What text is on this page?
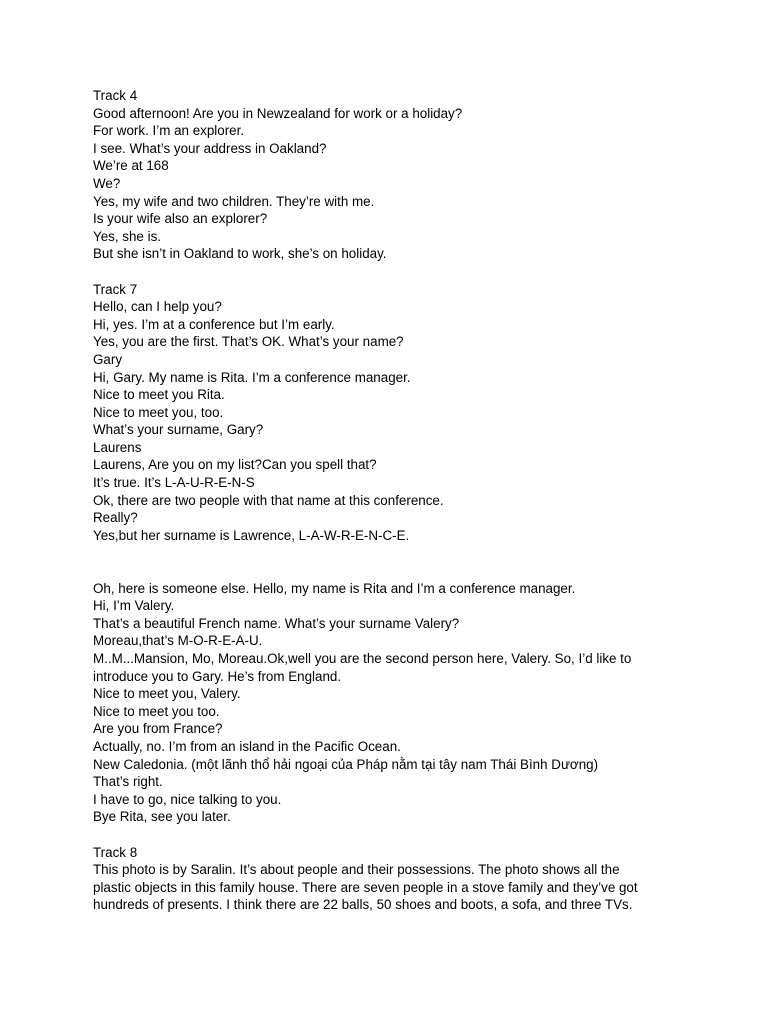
Track 4
Good afternoon! Are you in Newzealand for work or a holiday?
For work. I’m an explorer.
I see. What’s your address in Oakland?
We’re at 168
We?
Yes, my wife and two children. They’re with me.
Is your wife also an explorer?
Yes, she is.
But she isn’t in Oakland to work, she’s on holiday.
Track 7
Hello, can I help you?
Hi, yes. I’m at a conference but I’m early.
Yes, you are the first. That’s OK. What’s your name?
Gary
Hi, Gary. My name is Rita. I’m a conference manager.
Nice to meet you Rita.
Nice to meet you, too.
What’s your surname, Gary?
Laurens
Laurens, Are you on my list?Can you spell that?
It’s true. It’s L-A-U-R-E-N-S
Ok, there are two people with that name at this conference.
Really?
Yes,but her surname is Lawrence, L-A-W-R-E-N-C-E.
Oh, here is someone else. Hello, my name is Rita and I’m a conference manager.
Hi, I’m Valery.
That’s a beautiful French name. What’s your surname Valery?
Moreau,that’s M-O-R-E-A-U.
M..M...Mansion, Mo, Moreau.Ok,well you are the second person here, Valery. So, I’d like to
introduce you to Gary. He’s from England.
Nice to meet you, Valery.
Nice to meet you too.
Are you from France?
Actually, no. I’m from an island in the Pacific Ocean.
New Caledonia. (một lãnh thổ hải ngoại của Pháp nằm tại tây nam Thái Bình Dương)
That’s right.
I have to go, nice talking to you.
Bye Rita, see you later.
Track 8
This photo is by Saralin. It’s about people and their possessions. The photo shows all the
plastic objects in this family house. There are seven people in a stove family and they’ve got
hundreds of presents. I think there are 22 balls, 50 shoes and boots, a sofa, and three TVs.
